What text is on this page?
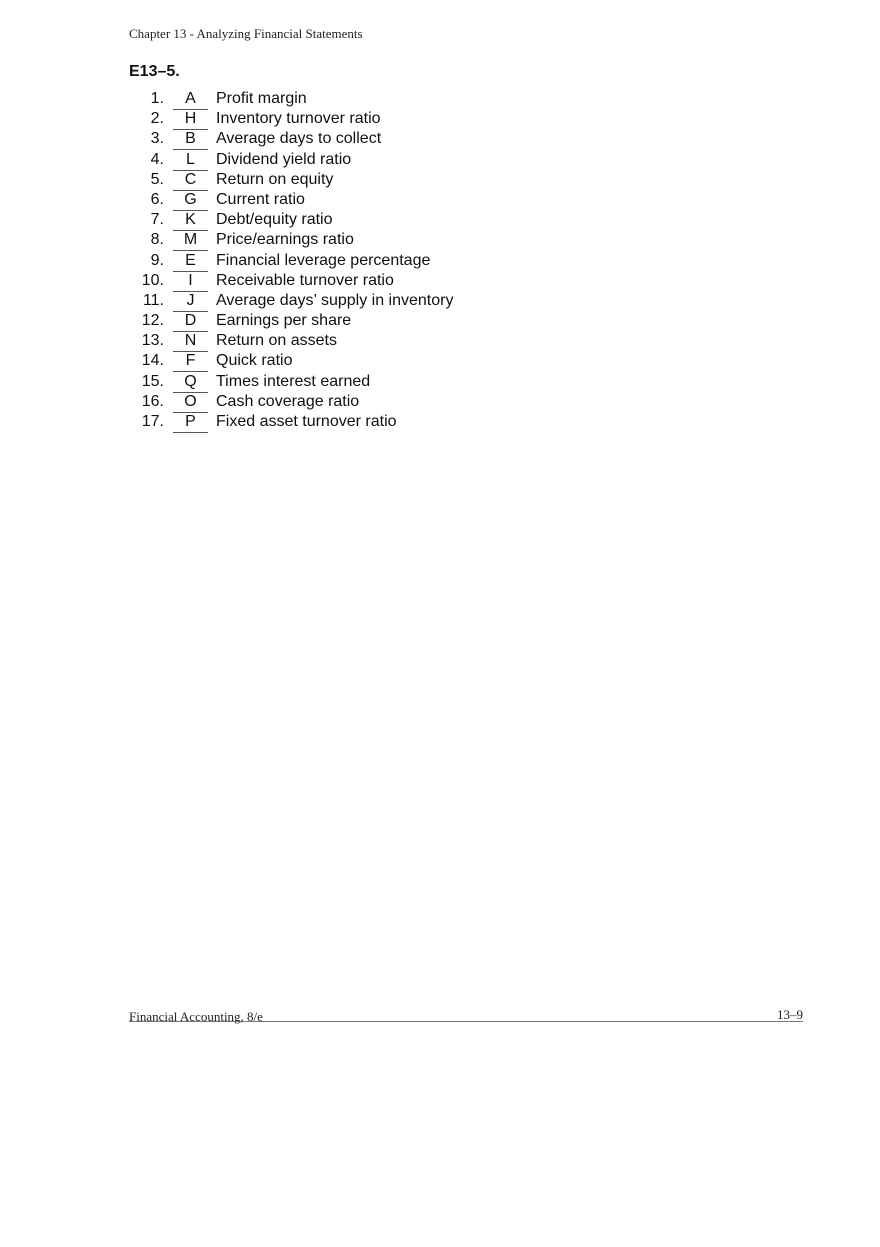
Chapter 13 - Analyzing Financial Statements
E13–5.
1.	A	Profit margin
2.	H	Inventory turnover ratio
3.	B	Average days to collect
4.	L	Dividend yield ratio
5.	C	Return on equity
6.	G	Current ratio
7.	K	Debt/equity ratio
8.	M	Price/earnings ratio
9.	E	Financial leverage percentage
10.	I	Receivable turnover ratio
11.	J	Average days’ supply in inventory
12.	D	Earnings per share
13.	N	Return on assets
14.	F	Quick ratio
15.	Q	Times interest earned
16.	O	Cash coverage ratio
17.	P	Fixed asset turnover ratio
Financial Accounting, 8/e	13–9
